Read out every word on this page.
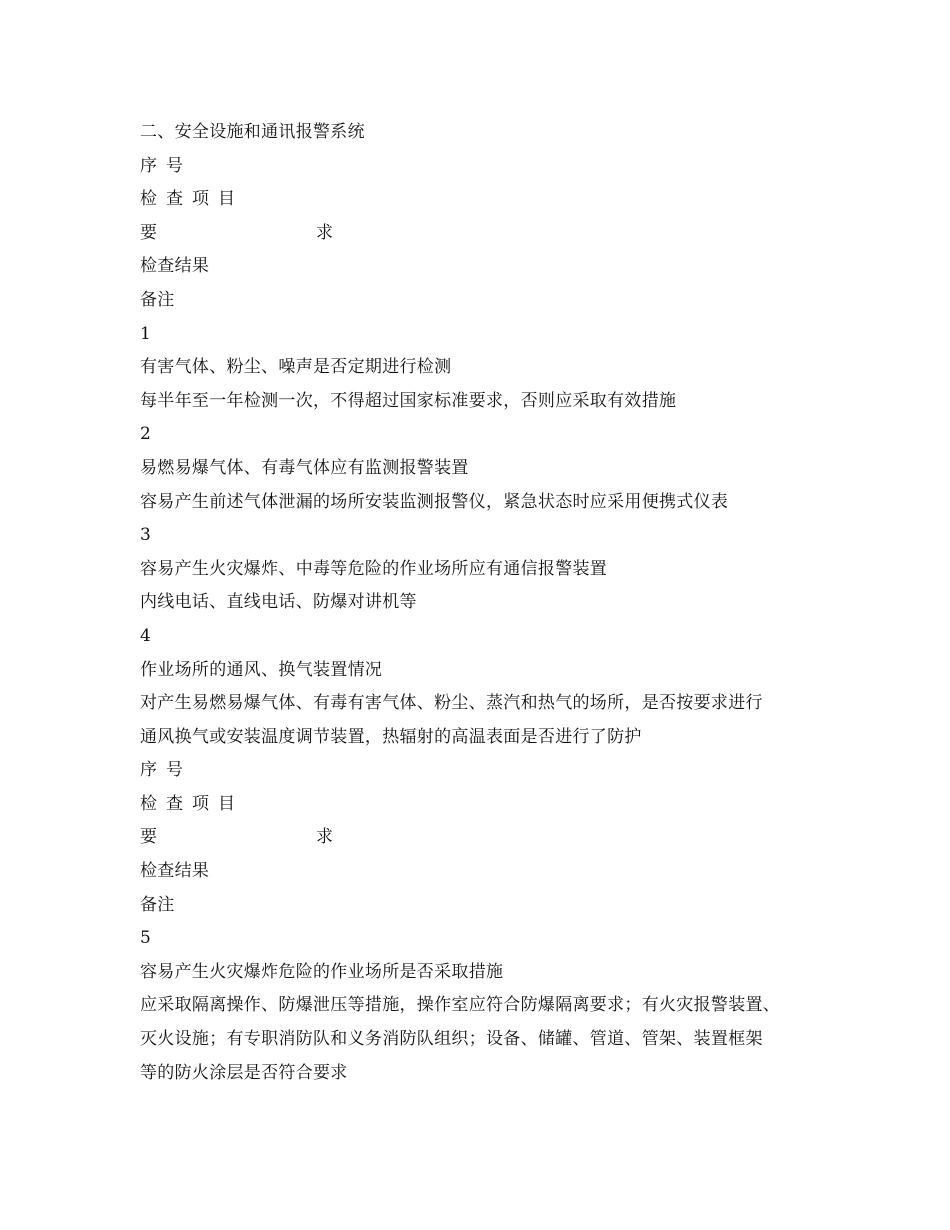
二、安全设施和通讯报警系统
序号
检查项目
要	求
检查结果
备注
1
有害气体、粉尘、噪声是否定期进行检测
每半年至一年检测一次，不得超过国家标准要求，否则应采取有效措施
2
易燃易爆气体、有毒气体应有监测报警装置
容易产生前述气体泄漏的场所安装监测报警仪，紧急状态时应采用便携式仪表
3
容易产生火灾爆炸、中毒等危险的作业场所应有通信报警装置
内线电话、直线电话、防爆对讲机等
4
作业场所的通风、换气装置情况
对产生易燃易爆气体、有毒有害气体、粉尘、蒸汽和热气的场所，是否按要求进行
通风换气或安装温度调节装置，热辐射的高温表面是否进行了防护
序号
检查项目
要	求
检查结果
备注
5
容易产生火灾爆炸危险的作业场所是否采取措施
应采取隔离操作、防爆泄压等措施，操作室应符合防爆隔离要求；有火灾报警装置、
灭火设施；有专职消防队和义务消防队组织；设备、储罐、管道、管架、装置框架
等的防火涂层是否符合要求
